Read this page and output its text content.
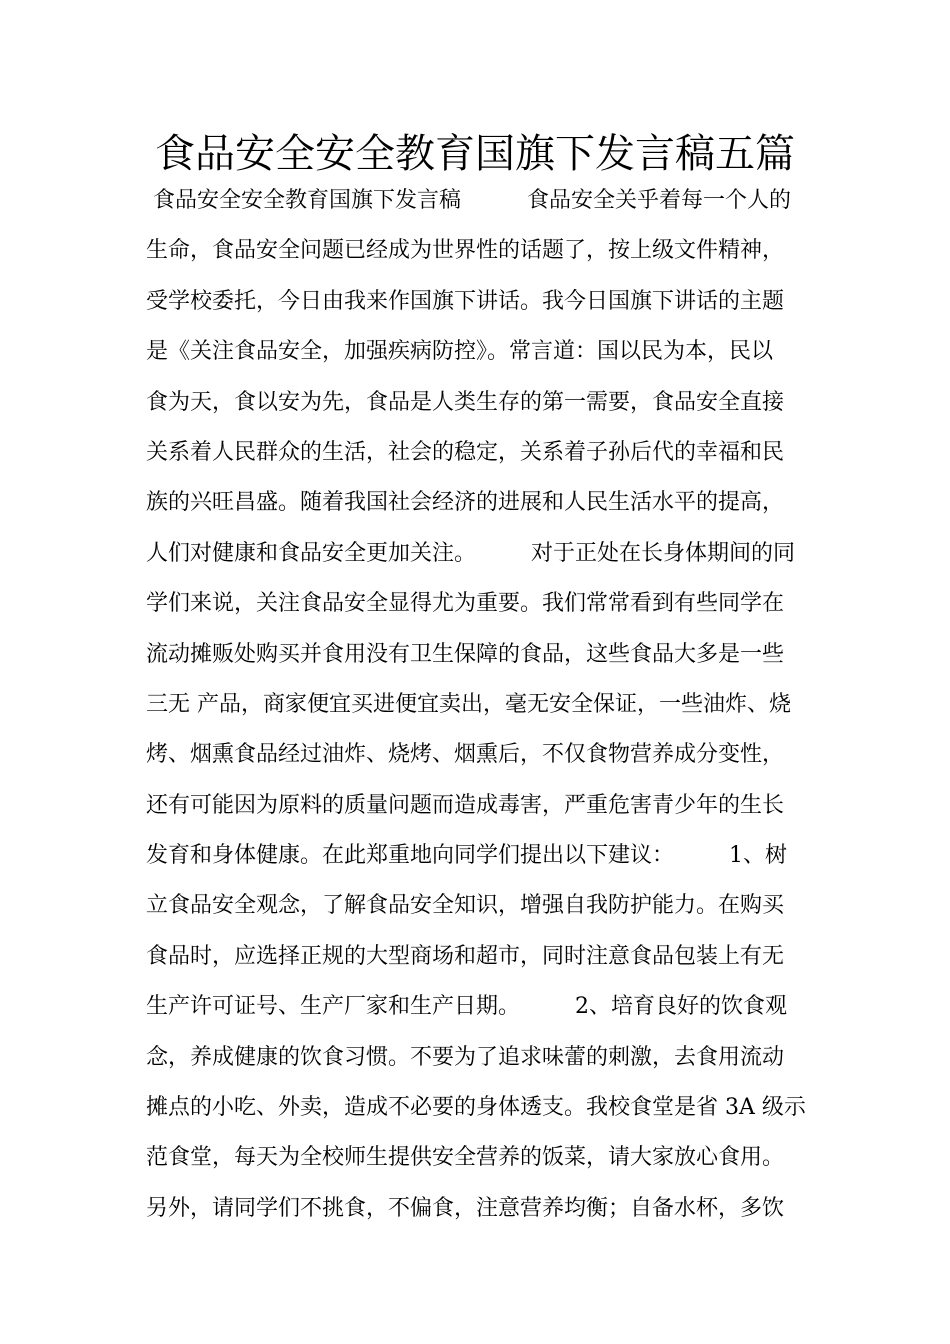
食品安全安全教育国旗下发言稿五篇
食品安全安全教育国旗下发言稿　　　食品安全关乎着每一个人的
生命，食品安全问题已经成为世界性的话题了，按上级文件精神，
受学校委托，今日由我来作国旗下讲话。我今日国旗下讲话的主题
是《关注食品安全，加强疾病防控》。常言道：国以民为本，民以
食为天，食以安为先，食品是人类生存的第一需要，食品安全直接
关系着人民群众的生活，社会的稳定，关系着子孙后代的幸福和民
族的兴旺昌盛。随着我国社会经济的进展和人民生活水平的提高，
人们对健康和食品安全更加关注。　　　对于正处在长身体期间的同
学们来说，关注食品安全显得尤为重要。我们常常看到有些同学在
流动摊贩处购买并食用没有卫生保障的食品，这些食品大多是一些
三无 产品，商家便宜买进便宜卖出，毫无安全保证，一些油炸、烧
烤、烟熏食品经过油炸、烧烤、烟熏后，不仅食物营养成分变性，
还有可能因为原料的质量问题而造成毒害，严重危害青少年的生长
发育和身体健康。在此郑重地向同学们提出以下建议：　　　1、树
立食品安全观念，了解食品安全知识，增强自我防护能力。在购买
食品时，应选择正规的大型商场和超市，同时注意食品包装上有无
生产许可证号、生产厂家和生产日期。　　　2、培育良好的饮食观
念，养成健康的饮食习惯。不要为了追求味蕾的刺激，去食用流动
摊点的小吃、外卖，造成不必要的身体透支。我校食堂是省 3A 级示
范食堂，每天为全校师生提供安全营养的饭菜，请大家放心食用。
另外，请同学们不挑食，不偏食，注意营养均衡；自备水杯，多饮
